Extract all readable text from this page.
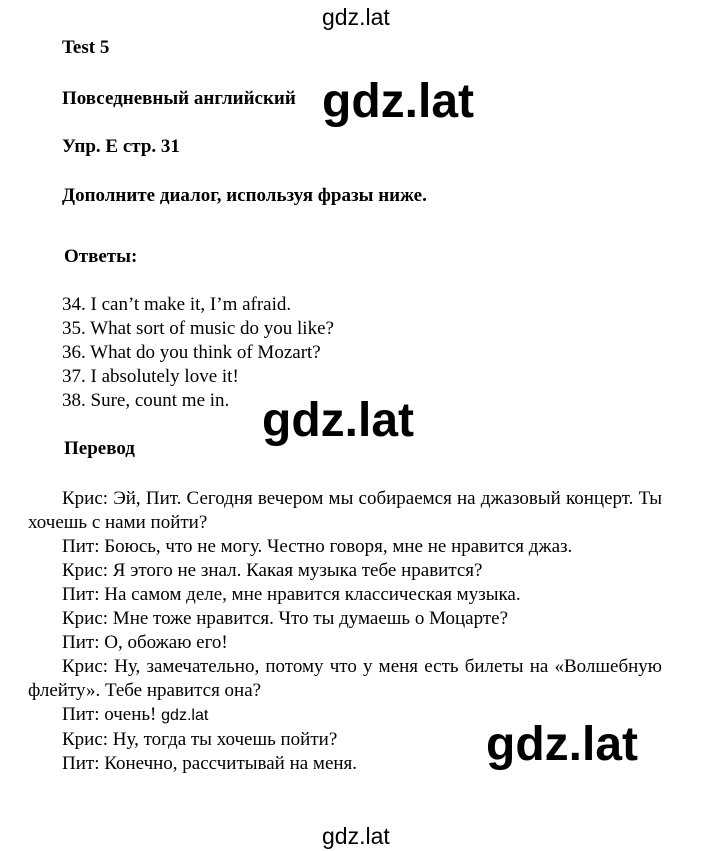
gdz.lat
Test 5
Повседневный английский gdz.lat
Упр. E стр. 31
Дополните диалог, используя фразы ниже.
Ответы:
34. I can’t make it, I’m afraid.
35. What sort of music do you like?
36. What do you think of Mozart?
37. I absolutely love it!
38. Sure, count me in. gdz.lat
Перевод

Крис: Эй, Пит. Сегодня вечером мы собираемся на джазовый концерт. Ты хочешь с нами пойти?

Пит: Боюсь, что не могу. Честно говоря, мне не нравится джаз.

Крис: Я этого не знал. Какая музыка тебе нравится?

Пит: На самом деле, мне нравится классическая музыка.

Крис: Мне тоже нравится. Что ты думаешь о Моцарте?

Пит: О, обожаю его!

Крис: Ну, замечательно, потому что у меня есть билеты на «Волшебную флейту». Тебе нравится она?

Пит: очень! gdz.lat

Крис: Ну, тогда ты хочешь пойти?

Пит: Конечно, рассчитывай на меня.	gdz.lat
gdz.lat
